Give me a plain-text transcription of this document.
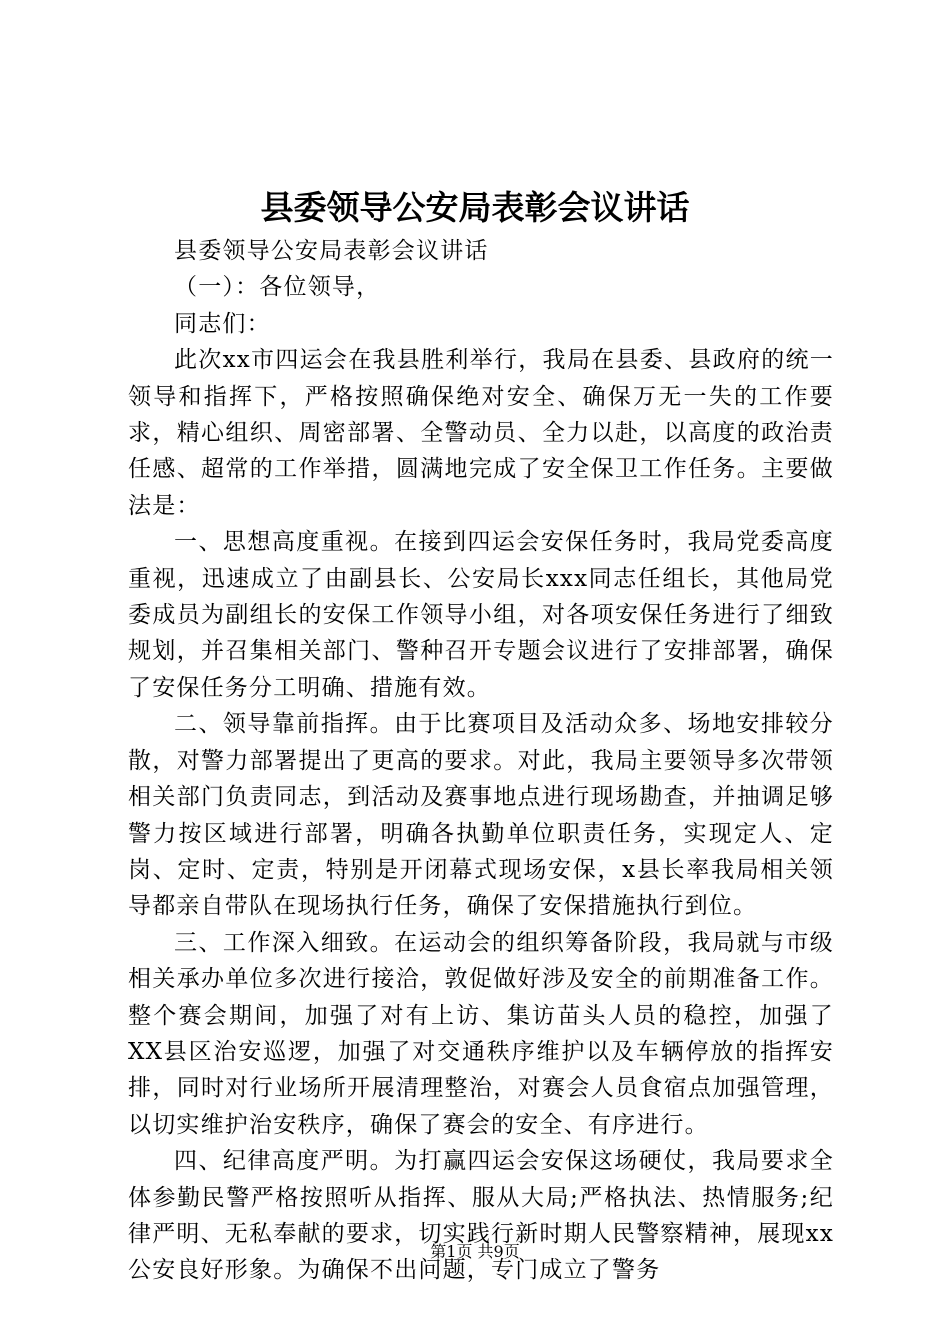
县委领导公安局表彰会议讲话

县委领导公安局表彰会议讲话

（一）：各位领导，

同志们：

此次xx市四运会在我县胜利举行，我局在县委、县政府的统一领导和指挥下，严格按照确保绝对安全、确保万无一失的工作要求，精心组织、周密部署、全警动员、全力以赴，以高度的政治责任感、超常的工作举措，圆满地完成了安全保卫工作任务。主要做法是：

一、思想高度重视。在接到四运会安保任务时，我局党委高度重视，迅速成立了由副县长、公安局长xxx同志任组长，其他局党委成员为副组长的安保工作领导小组，对各项安保任务进行了细致规划，并召集相关部门、警种召开专题会议进行了安排部署，确保了安保任务分工明确、措施有效。

二、领导靠前指挥。由于比赛项目及活动众多、场地安排较分散，对警力部署提出了更高的要求。对此，我局主要领导多次带领相关部门负责同志，到活动及赛事地点进行现场勘查，并抽调足够警力按区域进行部署，明确各执勤单位职责任务，实现定人、定岗、定时、定责，特别是开闭幕式现场安保，x县长率我局相关领导都亲自带队在现场执行任务，确保了安保措施执行到位。

三、工作深入细致。在运动会的组织筹备阶段，我局就与市级相关承办单位多次进行接洽，敦促做好涉及安全的前期准备工作。整个赛会期间，加强了对有上访、集访苗头人员的稳控，加强了XX县区治安巡逻，加强了对交通秩序维护以及车辆停放的指挥安排，同时对行业场所开展清理整治，对赛会人员食宿点加强管理，以切实维护治安秩序，确保了赛会的安全、有序进行。

四、纪律高度严明。为打赢四运会安保这场硬仗，我局要求全体参勤民警严格按照听从指挥、服从大局;严格执法、热情服务;纪律严明、无私奉献的要求，切实践行新时期人民警察精神，展现xx公安良好形象。为确保不出问题，专门成立了警务

第1页 共9页
